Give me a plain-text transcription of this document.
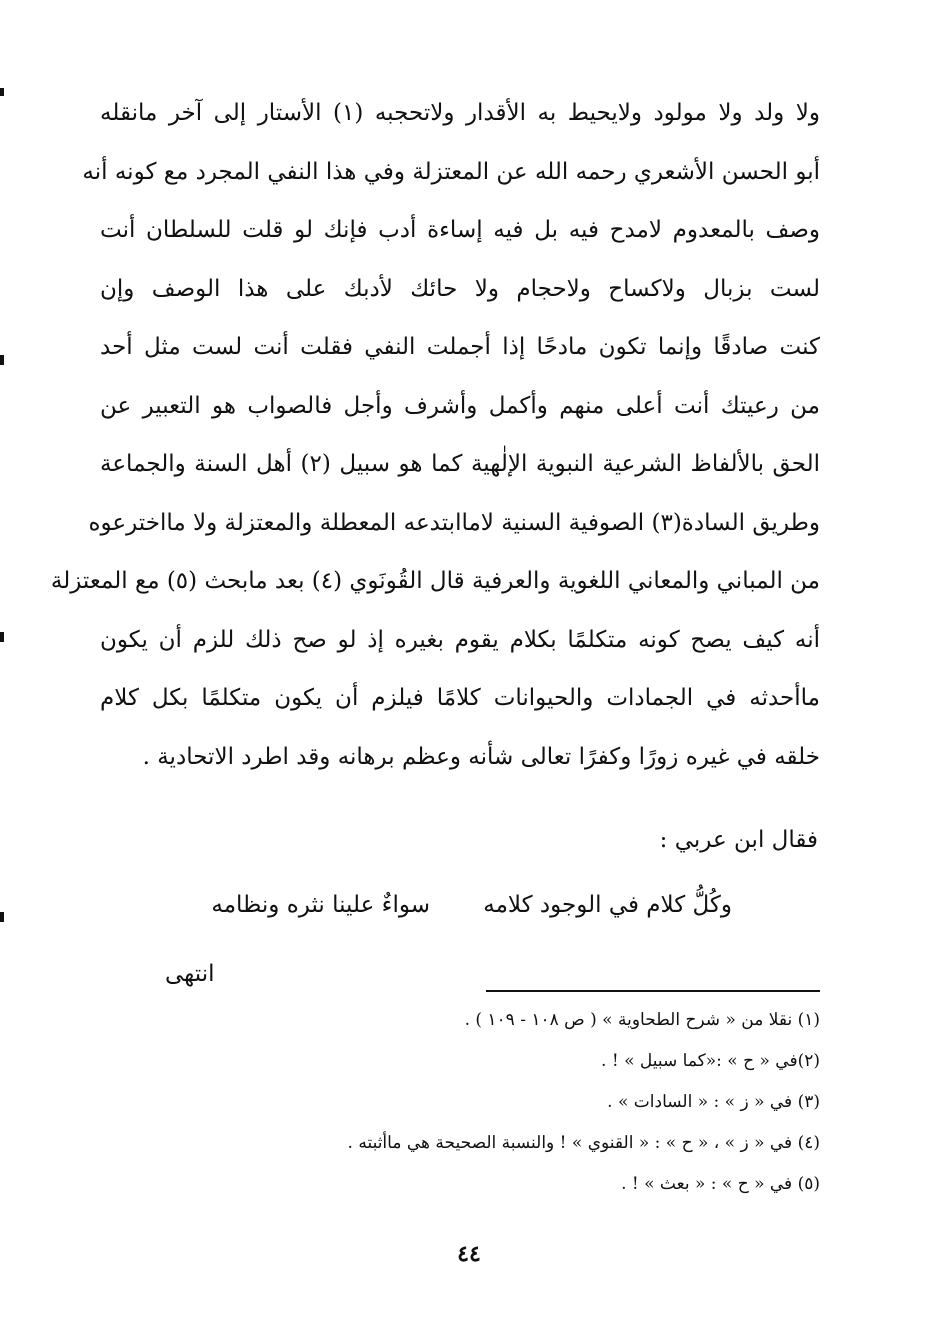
ولا ولد ولا مولود ولايحيط به الأقدار ولاتحجبه (١) الأستار إلى آخر مانقله
أبو الحسن الأشعري رحمه الله عن المعتزلة وفي هذا النفي المجرد مع كونه أنه
وصف بالمعدوم لامدح فيه بل فيه إساءة أدب فإنك لو قلت للسلطان أنت
لست بزبال ولاكساح ولاحجام ولا حائك لأدبك على هذا الوصف وإن
كنت صادقًا وإنما تكون مادحًا إذا أجملت النفي فقلت أنت لست مثل أحد
من رعيتك أنت أعلى منهم وأكمل وأشرف وأجل فالصواب هو التعبير عن
الحق بالألفاظ الشرعية النبوية الإلٰهية كما هو سبيل (٢) أهل السنة والجماعة
وطريق السادة(٣) الصوفية السنية لاماابتدعه المعطلة والمعتزلة ولا مااخترعوه
من المباني والمعاني اللغوية والعرفية قال القُونَوي (٤) بعد مابحث (٥) مع المعتزلة
أنه كيف يصح كونه متكلمًا بكلام يقوم بغيره إذ لو صح ذلك للزم أن يكون
ماأحدثه في الجمادات والحيوانات كلامًا فيلزم أن يكون متكلمًا بكل كلام
خلقه في غيره زورًا وكفرًا تعالى شأنه وعظم برهانه وقد اطرد الاتحادية .
فقال ابن عربي :
وكُلُّ كلام في الوجود كلامه
سواءٌ علينا نثره ونظامه
انتهى
(١) نقلا من « شرح الطحاوية » ( ص ١٠٨ - ١٠٩ ) .
(٢)في « ح » :«كما سبيل » ! .
(٣) في « ز » : « السادات » .
(٤) في « ز » ، « ح » : « القنوي » ! والنسبة الصحيحة هي ماأثبته .
(٥) في « ح » : « بعث » ! .
٤٤
